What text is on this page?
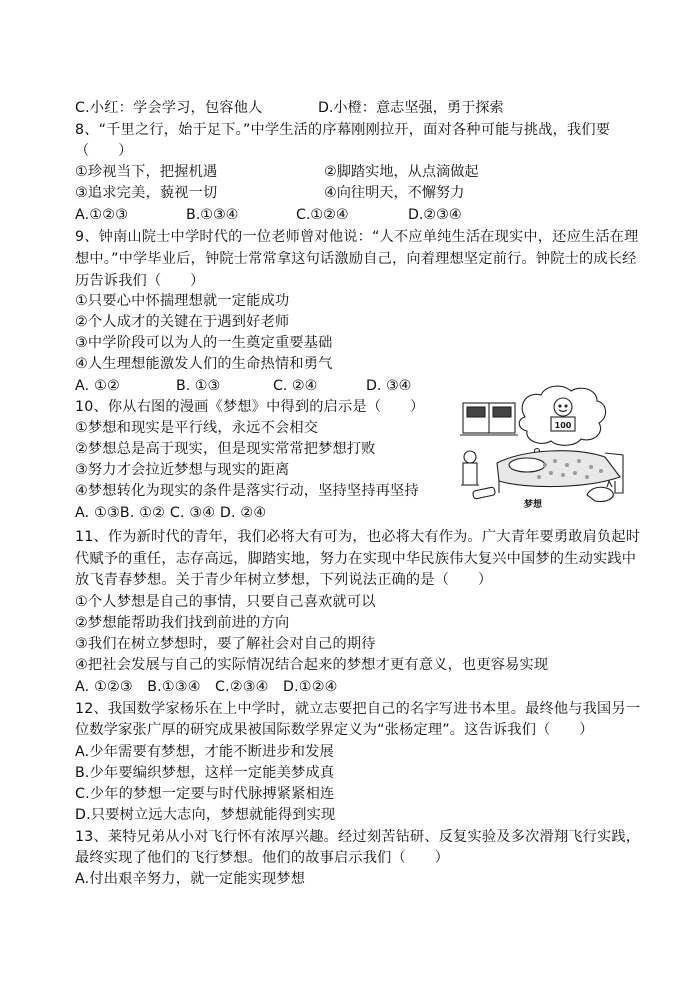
C.小红：学会学习，包容他人	D.小橙：意志坚强，勇于探索
8、“千里之行，始于足下。”中学生活的序幕刚刚拉开，面对各种可能与挑战，我们要
（　　）
①珍视当下，把握机遇	②脚踏实地，从点滴做起
③追求完美，藐视一切	④向往明天，不懈努力
A.①②③	B.①③④	C.①②④	D.②③④
9、钟南山院士中学时代的一位老师曾对他说：“人不应单纯生活在现实中，还应生活在理
想中。”中学毕业后，钟院士常常拿这句话激励自己，向着理想坚定前行。钟院士的成长经
历告诉我们（　　）
①只要心中怀揣理想就一定能成功
②个人成才的关键在于遇到好老师
③中学阶段可以为人的一生奠定重要基础
④人生理想能激发人们的生命热情和勇气
A. ①②	B. ①③	C. ②④	D. ③④
10、你从右图的漫画《梦想》中得到的启示是（　　）
①梦想和现实是平行线，永远不会相交
②梦想总是高于现实，但是现实常常把梦想打败
③努力才会拉近梦想与现实的距离
④梦想转化为现实的条件是落实行动，坚持坚持再坚持
A. ①③B. ①② C. ③④ D. ②④
100
梦想
11、作为新时代的青年，我们必将大有可为，也必将大有作为。广大青年要勇敢肩负起时
代赋予的重任，志存高远，脚踏实地，努力在实现中华民族伟大复兴中国梦的生动实践中
放飞青春梦想。关于青少年树立梦想，下列说法正确的是（　　）
①个人梦想是自己的事情，只要自己喜欢就可以
②梦想能帮助我们找到前进的方向
③我们在树立梦想时，要了解社会对自己的期待
④把社会发展与自己的实际情况结合起来的梦想才更有意义，也更容易实现
A. ①②③　B.①③④　C.②③④　D.①②④
12、我国数学家杨乐在上中学时，就立志要把自己的名字写进书本里。最终他与我国另一
位数学家张广厚的研究成果被国际数学界定义为“张杨定理”。这告诉我们（　　）
A.少年需要有梦想，才能不断进步和发展
B.少年要编织梦想，这样一定能美梦成真
C.少年的梦想一定要与时代脉搏紧紧相连
D.只要树立远大志向，梦想就能得到实现
13、莱特兄弟从小对飞行怀有浓厚兴趣。经过刻苦钻研、反复实验及多次滑翔飞行实践，
最终实现了他们的飞行梦想。他们的故事启示我们（　　）
A.付出艰辛努力，就一定能实现梦想
